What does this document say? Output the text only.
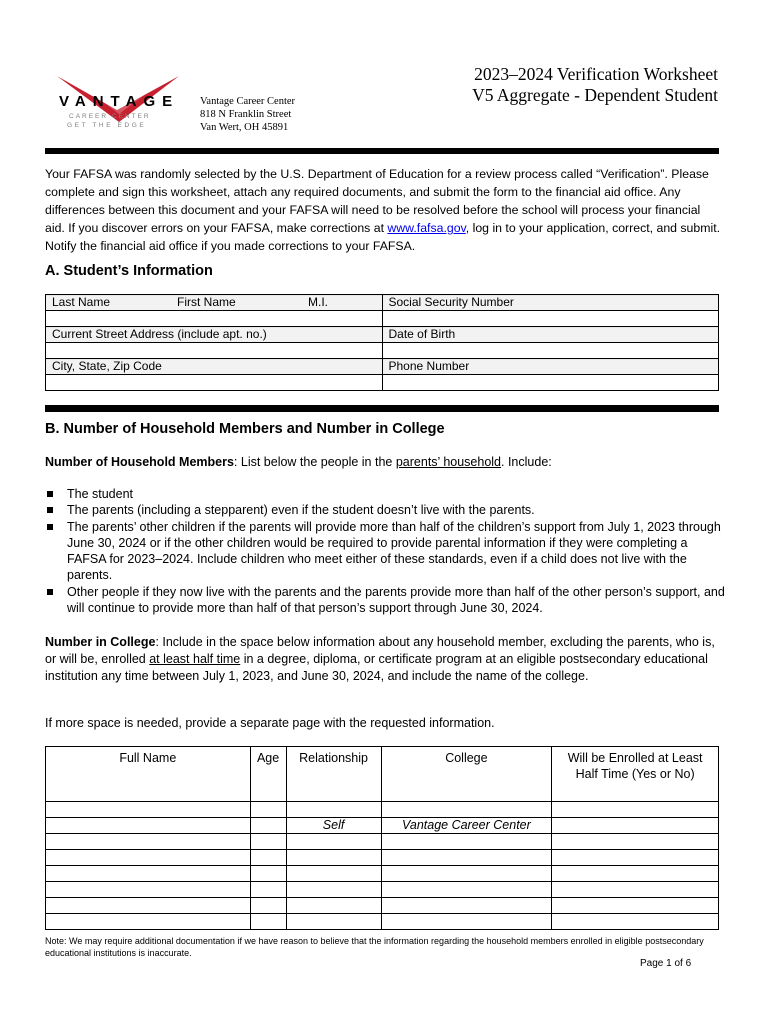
VANTAGE
CAREER CENTER
GET THE EDGE
Vantage Career Center
818 N Franklin Street
Van Wert, OH 45891
2023–2024 Verification Worksheet
V5 Aggregate - Dependent Student
Your FAFSA was randomly selected by the U.S. Department of Education for a review process called “Verification”. Please complete and sign this worksheet, attach any required documents, and submit the form to the financial aid office. Any differences between this document and your FAFSA will need to be resolved before the school will process your financial aid. If you discover errors on your FAFSA, make corrections at www.fafsa.gov, log in to your application, correct, and submit. Notify the financial aid office if you made corrections to your FAFSA.
A. Student’s Information
Last Name First Name M.I.	Social Security Number

Current Street Address (include apt. no.)	Date of Birth

City, State, Zip Code	Phone Number

B. Number of Household Members and Number in College
Number of Household Members: List below the people in the parents’ household. Include:
The student
The parents (including a stepparent) even if the student doesn’t live with the parents.
The parents’ other children if the parents will provide more than half of the children’s support from July 1, 2023 through June 30, 2024 or if the other children would be required to provide parental information if they were completing a FAFSA for 2023–2024. Include children who meet either of these standards, even if a child does not live with the parents.
Other people if they now live with the parents and the parents provide more than half of the other person’s support, and will continue to provide more than half of that person’s support through June 30, 2024.
Number in College: Include in the space below information about any household member, excluding the parents, who is, or will be, enrolled at least half time in a degree, diploma, or certificate program at an eligible postsecondary educational institution any time between July 1, 2023, and June 30, 2024, and include the name of the college.
If more space is needed, provide a separate page with the requested information.
Full Name	Age	Relationship	College	Will be Enrolled at Least Half Time (Yes or No)

		Self	Vantage Career Center	

Note: We may require additional documentation if we have reason to believe that the information regarding the household members enrolled in eligible postsecondary educational institutions is inaccurate.
Page 1 of 6
